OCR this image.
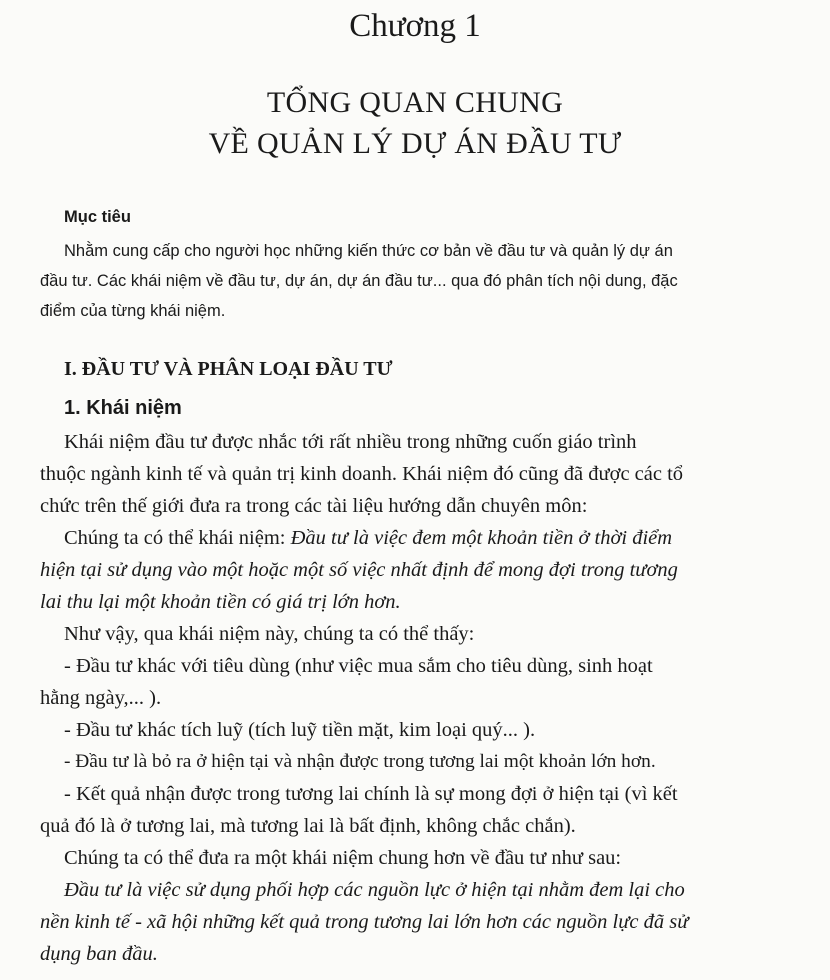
Chương 1
TỔNG QUAN CHUNG
VỀ QUẢN LÝ DỰ ÁN ĐẦU TƯ
Mục tiêu
Nhằm cung cấp cho người học những kiến thức cơ bản về đầu tư và quản lý dự án
đầu tư. Các khái niệm về đầu tư, dự án, dự án đầu tư... qua đó phân tích nội dung, đặc
điểm của từng khái niệm.
I. ĐẦU TƯ VÀ PHÂN LOẠI ĐẦU TƯ
1. Khái niệm

Khái niệm đầu tư được nhắc tới rất nhiều trong những cuốn giáo trình
thuộc ngành kinh tế và quản trị kinh doanh. Khái niệm đó cũng đã được các tổ
chức trên thế giới đưa ra trong các tài liệu hướng dẫn chuyên môn:

Chúng ta có thể khái niệm: Đầu tư là việc đem một khoản tiền ở thời điểm
hiện tại sử dụng vào một hoặc một số việc nhất định để mong đợi trong tương
lai thu lại một khoản tiền có giá trị lớn hơn.

Như vậy, qua khái niệm này, chúng ta có thể thấy:

- Đầu tư khác với tiêu dùng (như việc mua sắm cho tiêu dùng, sinh hoạt
hằng ngày,... ).

- Đầu tư khác tích luỹ (tích luỹ tiền mặt, kim loại quý... ).

- Đầu tư là bỏ ra ở hiện tại và nhận được trong tương lai một khoản lớn hơn.

- Kết quả nhận được trong tương lai chính là sự mong đợi ở hiện tại (vì kết
quả đó là ở tương lai, mà tương lai là bất định, không chắc chắn).

Chúng ta có thể đưa ra một khái niệm chung hơn về đầu tư như sau:

Đầu tư là việc sử dụng phối hợp các nguồn lực ở hiện tại nhằm đem lại cho
nền kinh tế - xã hội những kết quả trong tương lai lớn hơn các nguồn lực đã sử
dụng ban đầu.
